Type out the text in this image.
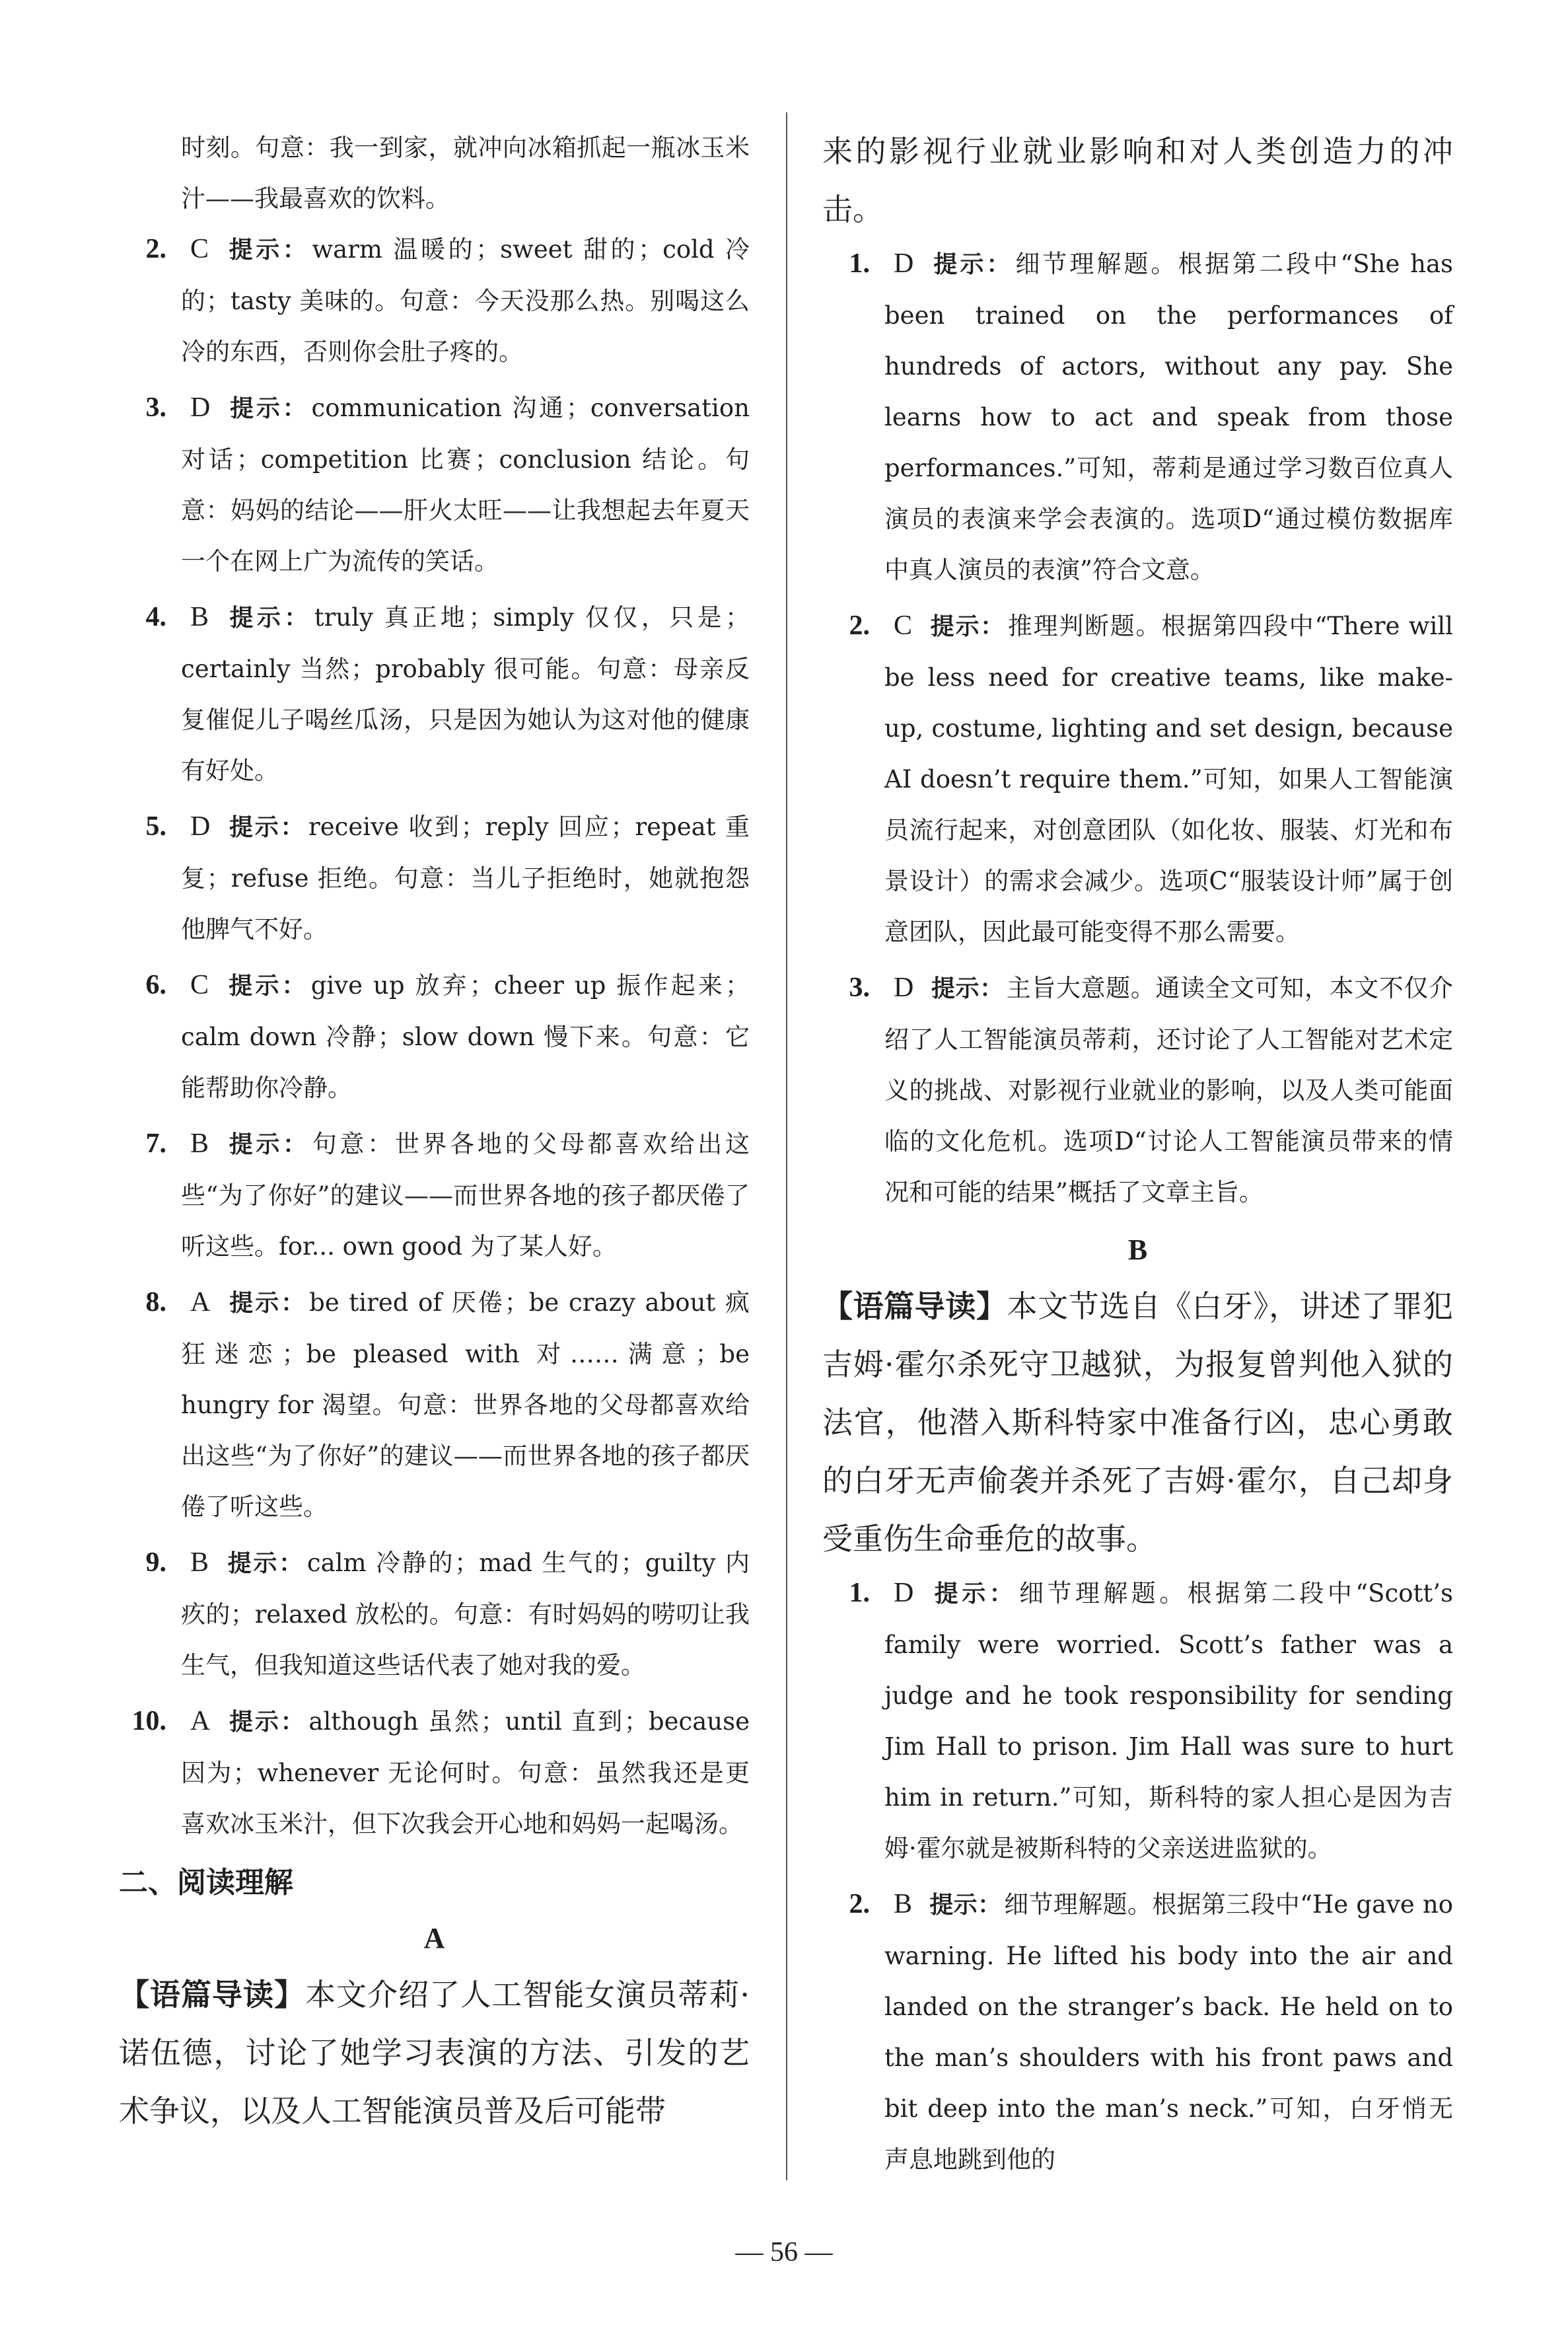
时刻。句意：我一到家，就冲向冰箱抓起一瓶冰玉米汁——我最喜欢的饮料。

2. C 提示： warm 温暖的；sweet 甜的；cold 冷的；tasty 美味的。句意：今天没那么热。别喝这么冷的东西，否则你会肚子疼的。

3. D 提示： communication 沟通；conversation 对话；competition 比赛；conclusion 结论。句意：妈妈的结论——肝火太旺——让我想起去年夏天一个在网上广为流传的笑话。

4. B 提示： truly 真正地；simply 仅仅，只是；certainly 当然；probably 很可能。句意：母亲反复催促儿子喝丝瓜汤，只是因为她认为这对他的健康有好处。

5. D 提示： receive 收到；reply 回应；repeat 重复；refuse 拒绝。句意：当儿子拒绝时，她就抱怨他脾气不好。

6. C 提示： give up 放弃；cheer up 振作起来；calm down 冷静；slow down 慢下来。句意：它能帮助你冷静。

7. B 提示： 句意：世界各地的父母都喜欢给出这些“为了你好”的建议——而世界各地的孩子都厌倦了听这些。for... own good 为了某人好。

8. A 提示： be tired of 厌倦；be crazy about 疯狂迷恋；be pleased with 对……满意；be hungry for 渴望。句意：世界各地的父母都喜欢给出这些“为了你好”的建议——而世界各地的孩子都厌倦了听这些。

9. B 提示： calm 冷静的；mad 生气的；guilty 内疚的；relaxed 放松的。句意：有时妈妈的唠叨让我生气，但我知道这些话代表了她对我的爱。

10. A 提示： although 虽然；until 直到；because 因为；whenever 无论何时。句意：虽然我还是更喜欢冰玉米汁，但下次我会开心地和妈妈一起喝汤。

二、阅读理解

A

【语篇导读】本文介绍了人工智能女演员蒂莉·诺伍德，讨论了她学习表演的方法、引发的艺术争议，以及人工智能演员普及后可能带

来的影视行业就业影响和对人类创造力的冲击。

1. D 提示： 细节理解题。根据第二段中“She has been trained on the performances of hundreds of actors, without any pay. She learns how to act and speak from those performances.”可知，蒂莉是通过学习数百位真人演员的表演来学会表演的。选项D“通过模仿数据库中真人演员的表演”符合文意。

2. C 提示： 推理判断题。根据第四段中“There will be less need for creative teams, like make-up, costume, lighting and set design, because AI doesn’t require them.”可知，如果人工智能演员流行起来，对创意团队（如化妆、服装、灯光和布景设计）的需求会减少。选项C“服装设计师”属于创意团队，因此最可能变得不那么需要。

3. D 提示： 主旨大意题。通读全文可知，本文不仅介绍了人工智能演员蒂莉，还讨论了人工智能对艺术定义的挑战、对影视行业就业的影响，以及人类可能面临的文化危机。选项D“讨论人工智能演员带来的情况和可能的结果”概括了文章主旨。

B

【语篇导读】本文节选自《白牙》，讲述了罪犯吉姆·霍尔杀死守卫越狱，为报复曾判他入狱的法官，他潜入斯科特家中准备行凶，忠心勇敢的白牙无声偷袭并杀死了吉姆·霍尔，自己却身受重伤生命垂危的故事。

1. D 提示： 细节理解题。根据第二段中“Scott’s family were worried. Scott’s father was a judge and he took responsibility for sending Jim Hall to prison. Jim Hall was sure to hurt him in return.”可知，斯科特的家人担心是因为吉姆·霍尔就是被斯科特的父亲送进监狱的。

2. B 提示： 细节理解题。根据第三段中“He gave no warning. He lifted his body into the air and landed on the stranger’s back. He held on to the man’s shoulders with his front paws and bit deep into the man’s neck.”可知，白牙悄无声息地跳到他的

— 56 —
